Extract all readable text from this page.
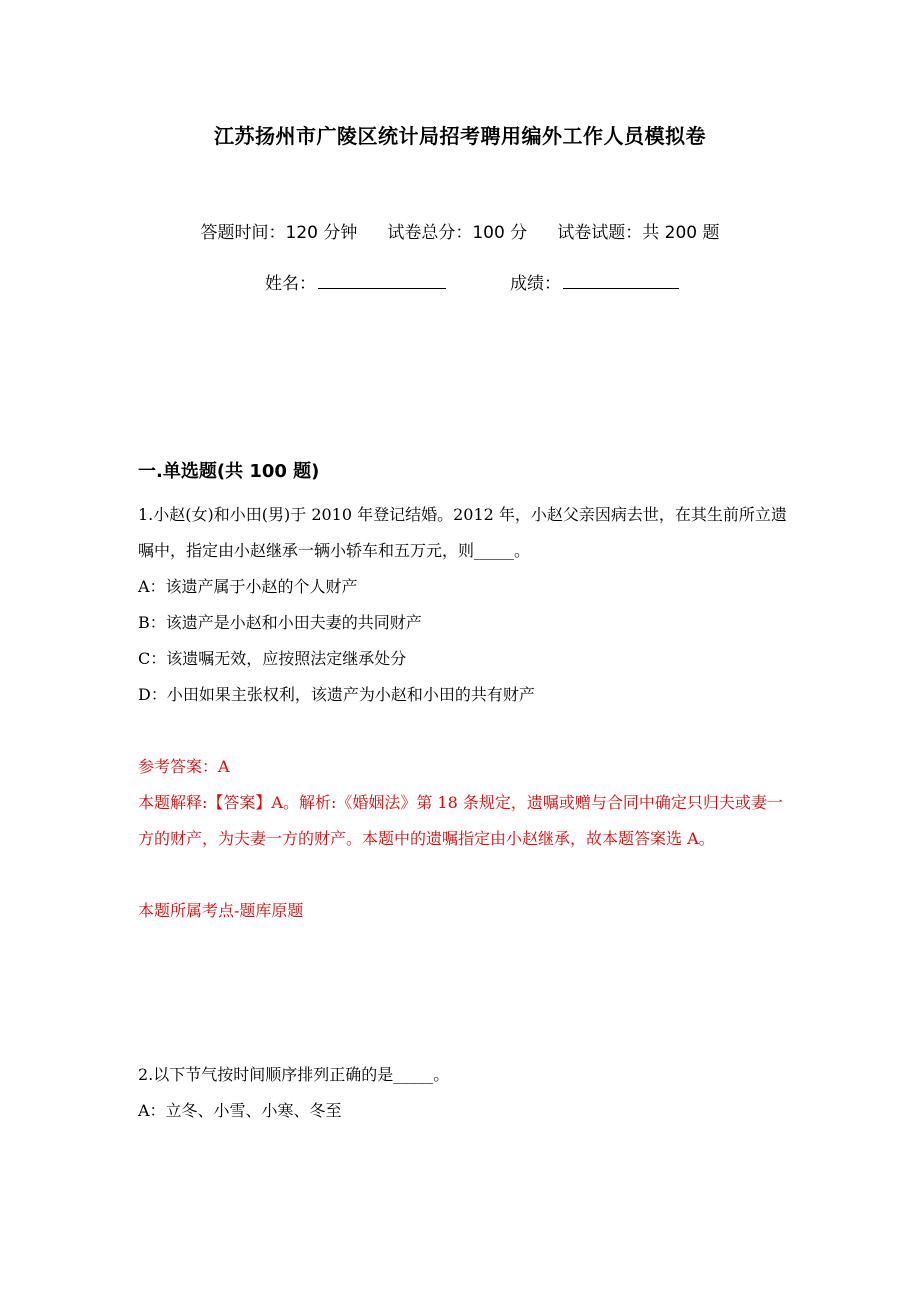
江苏扬州市广陵区统计局招考聘用编外工作人员模拟卷
答题时间：120 分钟 试卷总分：100 分 试卷试题：共 200 题
姓名：	成绩：
一.单选题(共 100 题)

1.小赵(女)和小田(男)于 2010 年登记结婚。2012 年，小赵父亲因病去世，在其生前所立遗嘱中，指定由小赵继承一辆小轿车和五万元，则_____。

A：该遗产属于小赵的个人财产

B：该遗产是小赵和小田夫妻的共同财产

C：该遗嘱无效，应按照法定继承处分

D：小田如果主张权利，该遗产为小赵和小田的共有财产

参考答案：A

本题解释:【答案】A。解析:《婚姻法》第 18 条规定，遗嘱或赠与合同中确定只归夫或妻一方的财产，为夫妻一方的财产。本题中的遗嘱指定由小赵继承，故本题答案选 A。

本题所属考点-题库原题

2.以下节气按时间顺序排列正确的是_____。

A：立冬、小雪、小寒、冬至
